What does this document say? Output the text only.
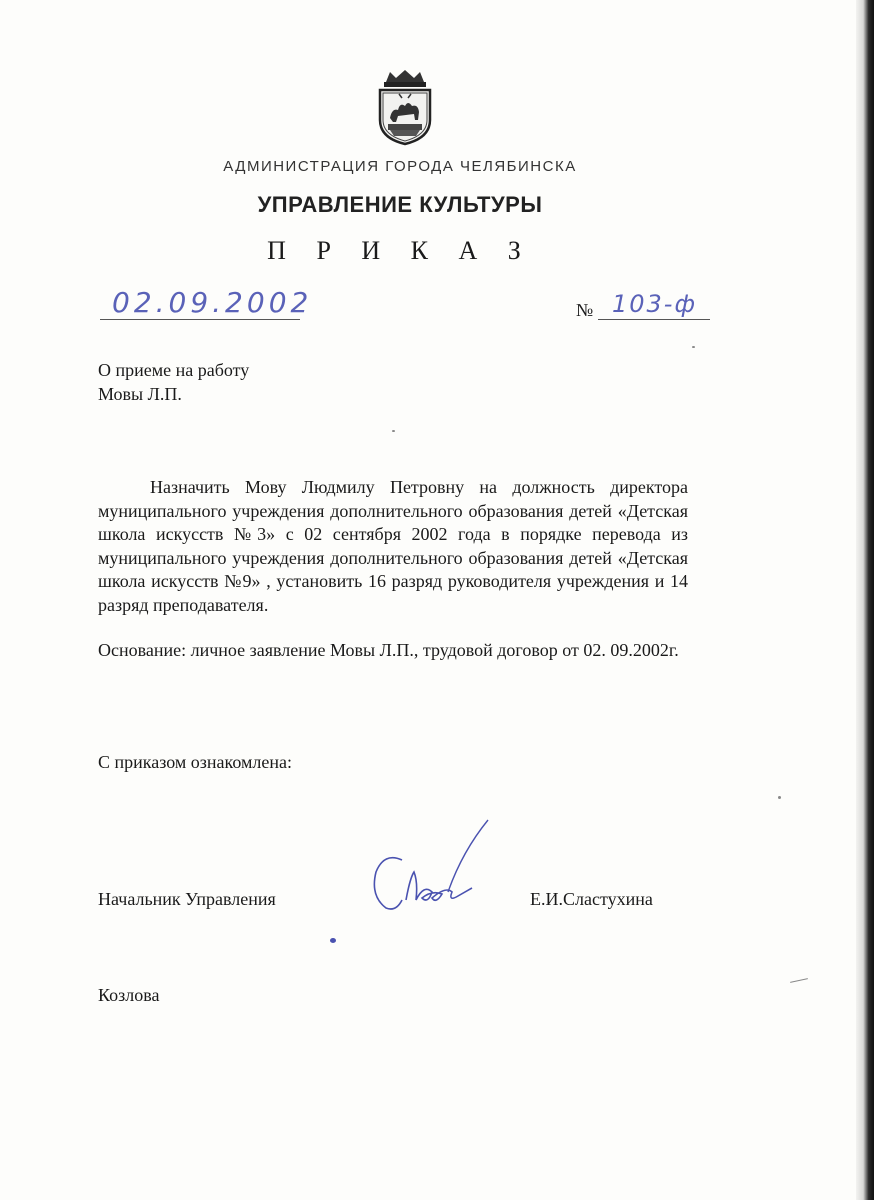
АДМИНИСТРАЦИЯ ГОРОДА ЧЕЛЯБИНСКА
УПРАВЛЕНИЕ КУЛЬТУРЫ
П Р И К А З
02.09.2002	№ 103-ф
О приеме на работу
Мовы Л.П.
Назначить Мову Людмилу Петровну на должность директора муниципального учреждения дополнительного образования детей «Детская школа искусств №3» с 02 сентября 2002 года в порядке перевода из муниципального учреждения дополнительного образования детей «Детская школа искусств №9» , установить 16 разряд руководителя учреждения и 14 разряд преподавателя.
Основание: личное заявление Мовы Л.П., трудовой договор от 02. 09.2002г.
С приказом ознакомлена:
Начальник Управления	Е.И.Сластухина
Козлова
